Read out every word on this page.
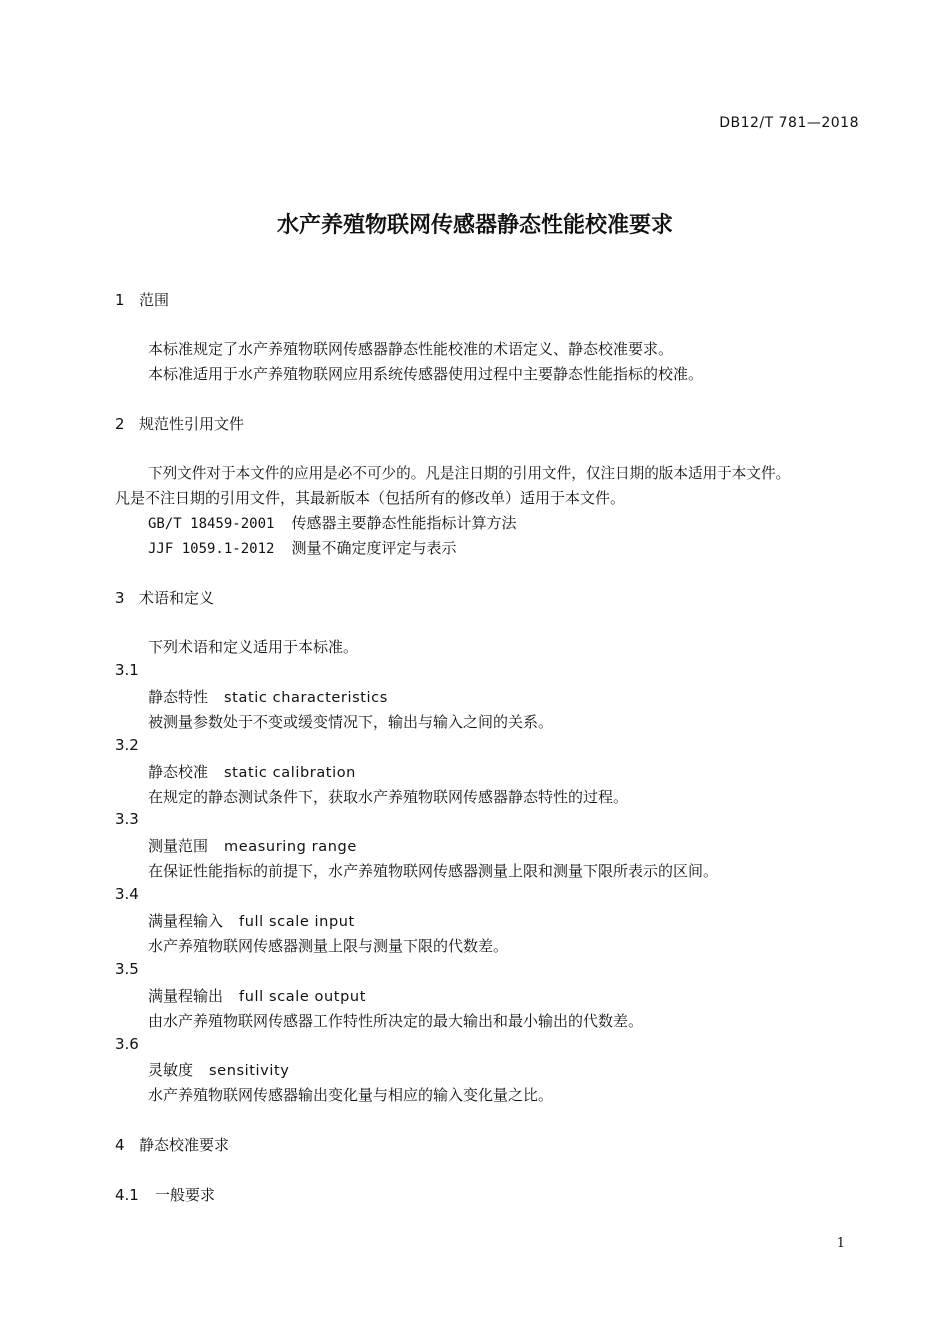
DB12/T 781—2018
水产养殖物联网传感器静态性能校准要求
1 范围
本标准规定了水产养殖物联网传感器静态性能校准的术语定义、静态校准要求。
本标准适用于水产养殖物联网应用系统传感器使用过程中主要静态性能指标的校准。
2 规范性引用文件
下列文件对于本文件的应用是必不可少的。凡是注日期的引用文件，仅注日期的版本适用于本文件。
凡是不注日期的引用文件，其最新版本（包括所有的修改单）适用于本文件。
GB/T 18459-2001 传感器主要静态性能指标计算方法
JJF 1059.1-2012 测量不确定度评定与表示
3 术语和定义
下列术语和定义适用于本标准。
3.1
静态特性 static characteristics
被测量参数处于不变或缓变情况下，输出与输入之间的关系。
3.2
静态校准 static calibration
在规定的静态测试条件下，获取水产养殖物联网传感器静态特性的过程。
3.3
测量范围 measuring range
在保证性能指标的前提下，水产养殖物联网传感器测量上限和测量下限所表示的区间。
3.4
满量程输入 full scale input
水产养殖物联网传感器测量上限与测量下限的代数差。
3.5
满量程输出 full scale output
由水产养殖物联网传感器工作特性所决定的最大输出和最小输出的代数差。
3.6
灵敏度 sensitivity
水产养殖物联网传感器输出变化量与相应的输入变化量之比。
4 静态校准要求
4.1 一般要求
1
